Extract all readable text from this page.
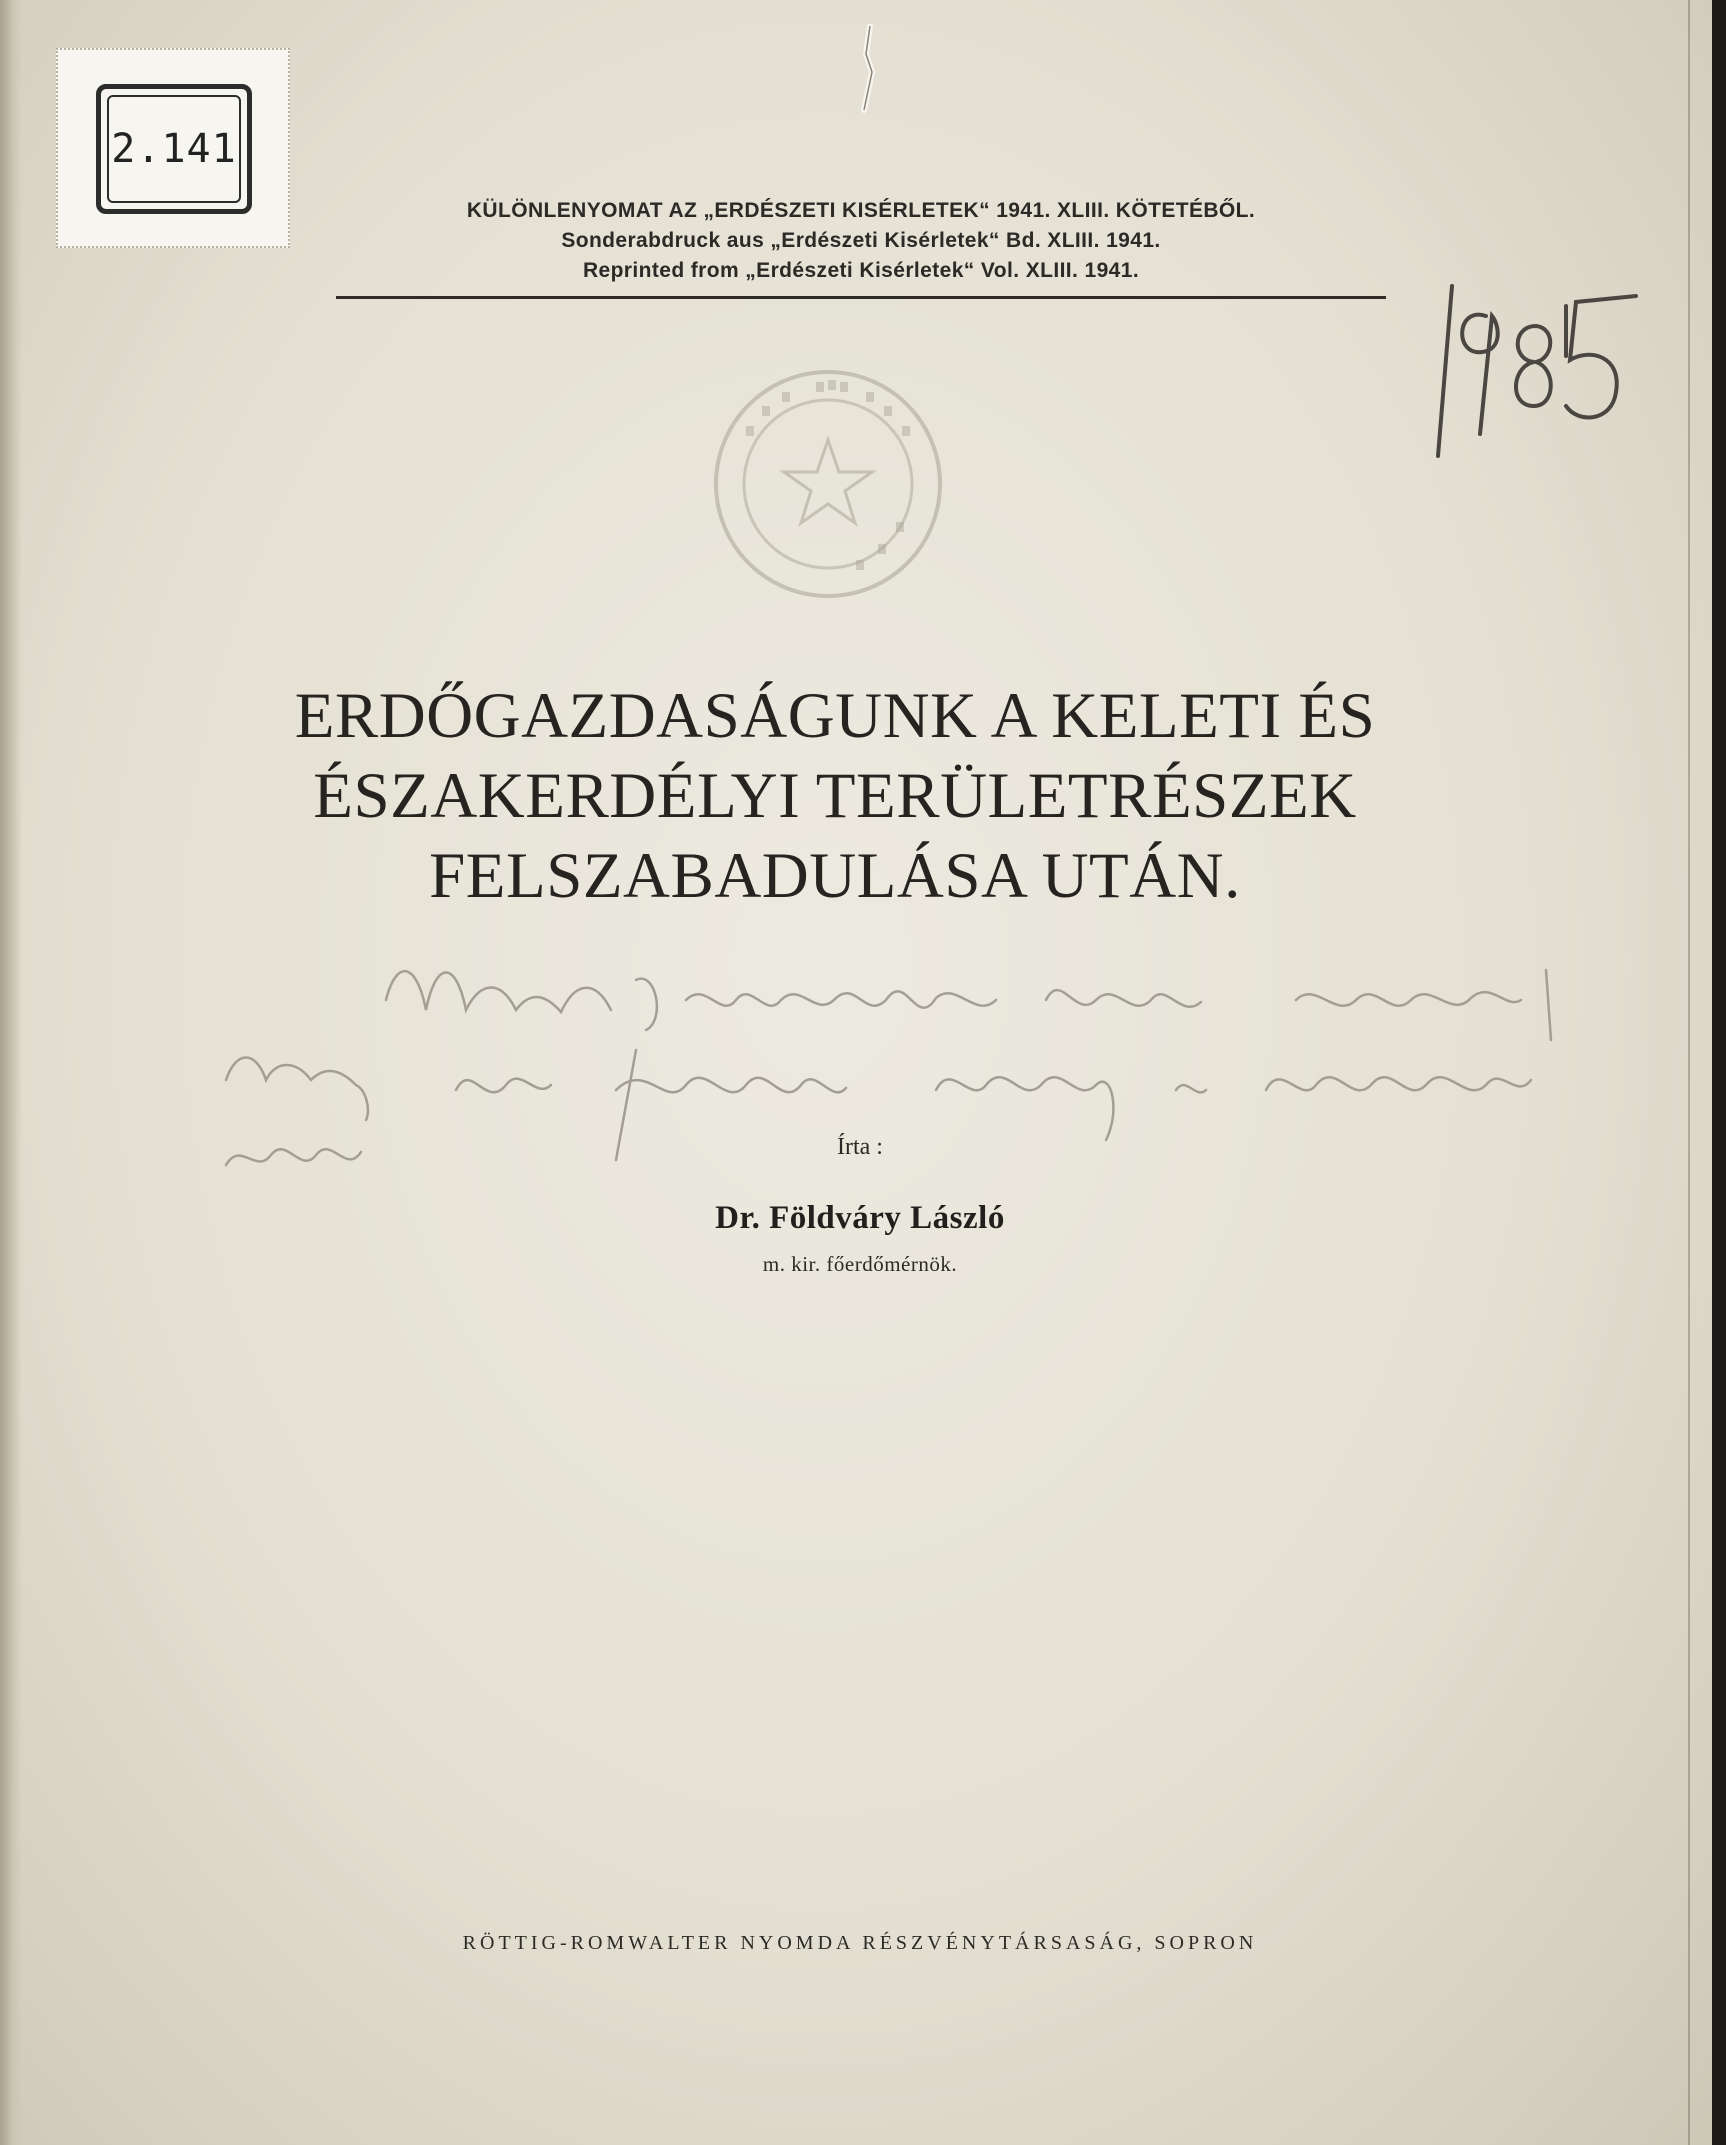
2.141
KÜLÖNLENYOMAT AZ „ERDÉSZETI KISÉRLETEK“ 1941. XLIII. KÖTETÉBŐL.
Sonderabdruck aus „Erdészeti Kisérletek“ Bd. XLIII. 1941.
Reprinted from „Erdészeti Kisérletek“ Vol. XLIII. 1941.
1985
ERDŐGAZDASÁGUNK A KELETI ÉS
ÉSZAKERDÉLYI TERÜLETRÉSZEK
FELSZABADULÁSA UTÁN.
Írta :
Dr. Földváry László
m. kir. főerdőmérnök.
RÖTTIG-ROMWALTER NYOMDA RÉSZVÉNYTÁRSASÁG, SOPRON
